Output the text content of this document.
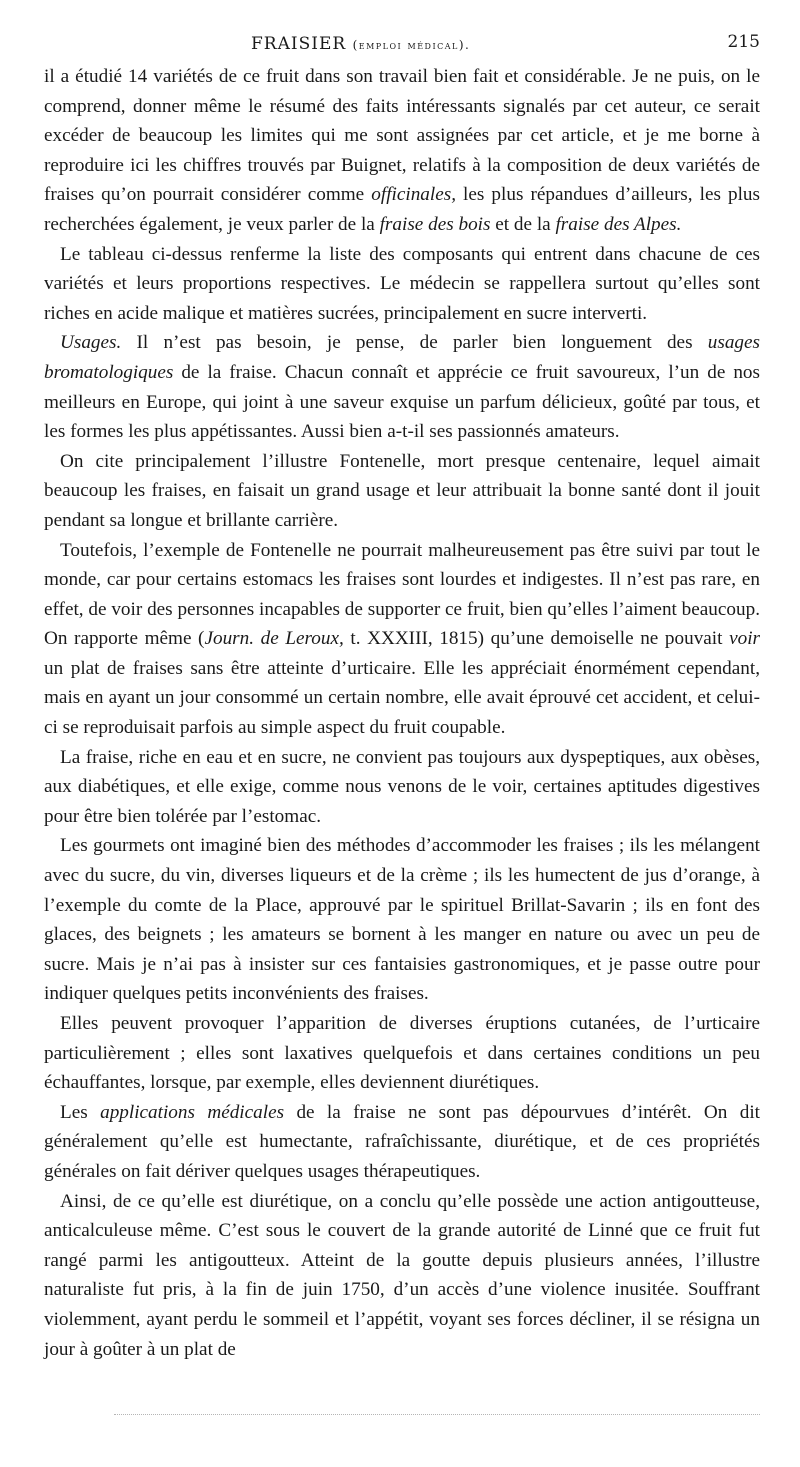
FRAISIER (emploi médical).	215

il a étudié 14 variétés de ce fruit dans son travail bien fait et considérable. Je ne puis, on le comprend, donner même le résumé des faits intéressants signalés par cet auteur, ce serait excéder de beaucoup les limites qui me sont assignées par cet article, et je me borne à reproduire ici les chiffres trouvés par Buignet, relatifs à la composition de deux variétés de fraises qu’on pourrait considérer comme officinales, les plus répandues d’ailleurs, les plus recherchées également, je veux parler de la fraise des bois et de la fraise des Alpes.

Le tableau ci-dessus renferme la liste des composants qui entrent dans chacune de ces variétés et leurs proportions respectives. Le médecin se rappellera surtout qu’elles sont riches en acide malique et matières sucrées, principalement en sucre interverti.

Usages. Il n’est pas besoin, je pense, de parler bien longuement des usages bromatologiques de la fraise. Chacun connaît et apprécie ce fruit savoureux, l’un de nos meilleurs en Europe, qui joint à une saveur exquise un parfum délicieux, goûté par tous, et les formes les plus appétissantes. Aussi bien a-t-il ses passionnés amateurs.

On cite principalement l’illustre Fontenelle, mort presque centenaire, lequel aimait beaucoup les fraises, en faisait un grand usage et leur attribuait la bonne santé dont il jouit pendant sa longue et brillante carrière.

Toutefois, l’exemple de Fontenelle ne pourrait malheureusement pas être suivi par tout le monde, car pour certains estomacs les fraises sont lourdes et indigestes. Il n’est pas rare, en effet, de voir des personnes incapables de supporter ce fruit, bien qu’elles l’aiment beaucoup. On rapporte même (Journ. de Leroux, t. XXXIII, 1815) qu’une demoiselle ne pouvait voir un plat de fraises sans être atteinte d’urticaire. Elle les appréciait énormément cependant, mais en ayant un jour consommé un certain nombre, elle avait éprouvé cet accident, et celui-ci se reproduisait parfois au simple aspect du fruit coupable.

La fraise, riche en eau et en sucre, ne convient pas toujours aux dyspeptiques, aux obèses, aux diabétiques, et elle exige, comme nous venons de le voir, certaines aptitudes digestives pour être bien tolérée par l’estomac.

Les gourmets ont imaginé bien des méthodes d’accommoder les fraises ; ils les mélangent avec du sucre, du vin, diverses liqueurs et de la crème ; ils les humectent de jus d’orange, à l’exemple du comte de la Place, approuvé par le spirituel Brillat-Savarin ; ils en font des glaces, des beignets ; les amateurs se bornent à les manger en nature ou avec un peu de sucre. Mais je n’ai pas à insister sur ces fantaisies gastronomiques, et je passe outre pour indiquer quelques petits inconvénients des fraises.

Elles peuvent provoquer l’apparition de diverses éruptions cutanées, de l’urticaire particulièrement ; elles sont laxatives quelquefois et dans certaines conditions un peu échauffantes, lorsque, par exemple, elles deviennent diurétiques.

Les applications médicales de la fraise ne sont pas dépourvues d’intérêt. On dit généralement qu’elle est humectante, rafraîchissante, diurétique, et de ces propriétés générales on fait dériver quelques usages thérapeutiques.

Ainsi, de ce qu’elle est diurétique, on a conclu qu’elle possède une action antigoutteuse, anticalculeuse même. C’est sous le couvert de la grande autorité de Linné que ce fruit fut rangé parmi les antigoutteux. Atteint de la goutte depuis plusieurs années, l’illustre naturaliste fut pris, à la fin de juin 1750, d’un accès d’une violence inusitée. Souffrant violemment, ayant perdu le sommeil et l’appétit, voyant ses forces décliner, il se résigna un jour à goûter à un plat de
